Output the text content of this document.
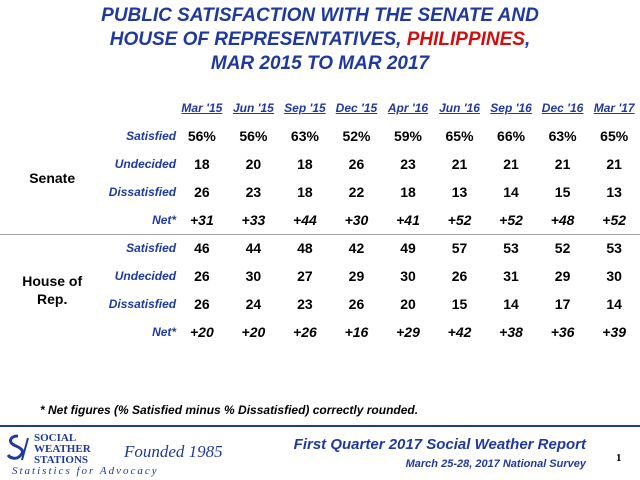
PUBLIC SATISFACTION WITH THE SENATE AND
HOUSE OF REPRESENTATIVES, PHILIPPINES,
MAR 2015 TO MAR 2017
		Mar '15	Jun '15	Sep '15	Dec '15	Apr '16	Jun '16	Sep '16	Dec '16	Mar '17

Senate	Satisfied	56%	56%	63%	52%	59%	65%	66%	63%	65%
	Undecided	18	20	18	26	23	21	21	21	21
	Dissatisfied	26	23	18	22	18	13	14	15	13
	Net*	+31	+33	+44	+30	+41	+52	+52	+48	+52

House of
Rep.	Satisfied	46	44	48	42	49	57	53	52	53
	Undecided	26	30	27	29	30	26	31	29	30
	Dissatisfied	26	24	23	26	20	15	14	17	14
	Net*	+20	+20	+26	+16	+29	+42	+38	+36	+39
* Net figures (% Satisfied minus % Dissatisfied) correctly rounded.
SOCIAL
WEATHER
STATIONS Founded 1985
Statistics for Advocacy
First Quarter 2017 Social Weather Report
March 25-28, 2017 National Survey	1
